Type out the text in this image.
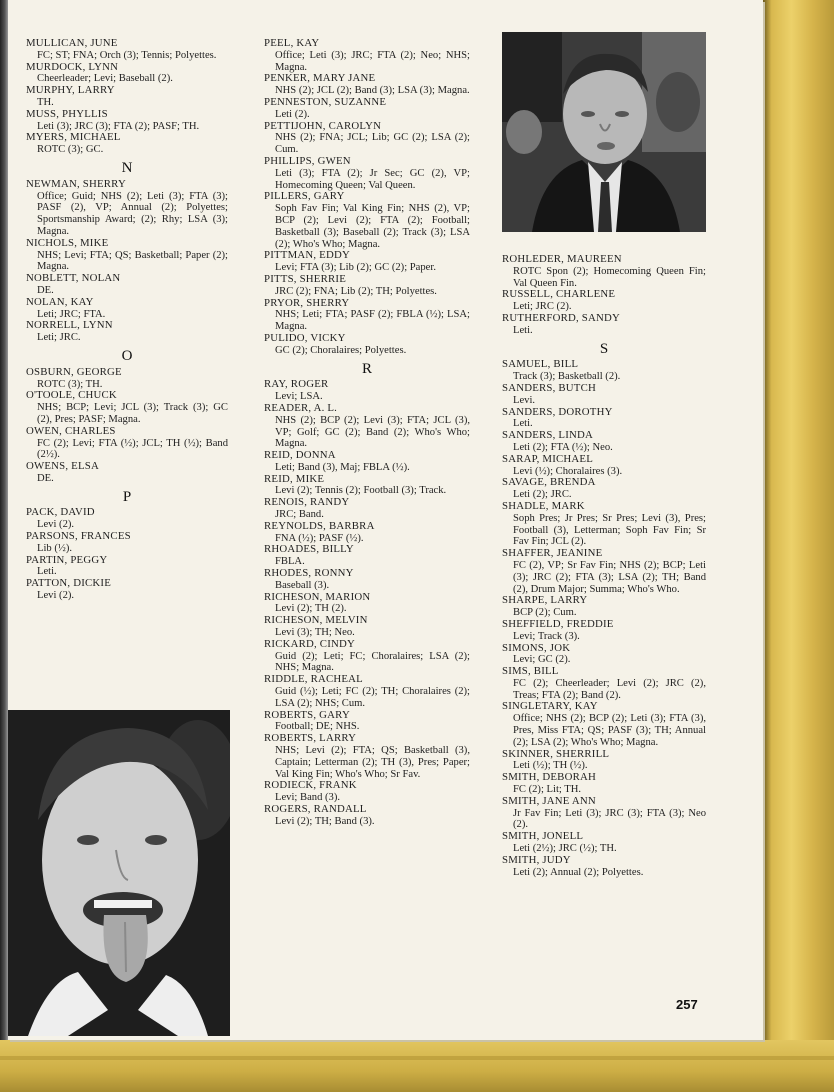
MULLICAN, JUNE
FC; ST; FNA; Orch (3); Tennis; Polyettes.
MURDOCK, LYNN
Cheerleader; Levi; Baseball (2).
MURPHY, LARRY
TH.
MUSS, PHYLLIS
Leti (3); JRC (3); FTA (2); PASF; TH.
MYERS, MICHAEL
ROTC (3); GC.
N
NEWMAN, SHERRY
Office; Guid; NHS (2); Leti (3); FTA (3); PASF (2), VP; Annual (2); Polyettes; Sportsmanship Award; (2); Rhy; LSA (3); Magna.
NICHOLS, MIKE
NHS; Levi; FTA; QS; Basketball; Paper (2); Magna.
NOBLETT, NOLAN
DE.
NOLAN, KAY
Leti; JRC; FTA.
NORRELL, LYNN
Leti; JRC.
O
OSBURN, GEORGE
ROTC (3); TH.
O'TOOLE, CHUCK
NHS; BCP; Levi; JCL (3); Track (3); GC (2), Pres; PASF; Magna.
OWEN, CHARLES
FC (2); Levi; FTA (½); JCL; TH (½); Band (2½).
OWENS, ELSA
DE.
P
PACK, DAVID
Levi (2).
PARSONS, FRANCES
Lib (½).
PARTIN, PEGGY
Leti.
PATTON, DICKIE
Levi (2).
PEEL, KAY
Office; Leti (3); JRC; FTA (2); Neo; NHS; Magna.
PENKER, MARY JANE
NHS (2); JCL (2); Band (3); LSA (3); Magna.
PENNESTON, SUZANNE
Leti (2).
PETTIJOHN, CAROLYN
NHS (2); FNA; JCL; Lib; GC (2); LSA (2); Cum.
PHILLIPS, GWEN
Leti (3); FTA (2); Jr Sec; GC (2), VP; Homecoming Queen; Val Queen.
PILLERS, GARY
Soph Fav Fin; Val King Fin; NHS (2), VP; BCP (2); Levi (2); FTA (2); Football; Basketball (3); Baseball (2); Track (3); LSA (2); Who's Who; Magna.
PITTMAN, EDDY
Levi; FTA (3); Lib (2); GC (2); Paper.
PITTS, SHERRIE
JRC (2); FNA; Lib (2); TH; Polyettes.
PRYOR, SHERRY
NHS; Leti; FTA; PASF (2); FBLA (½); LSA; Magna.
PULIDO, VICKY
GC (2); Choralaires; Polyettes.
R
RAY, ROGER
Levi; LSA.
READER, A. L.
NHS (2); BCP (2); Levi (3); FTA; JCL (3), VP; Golf; GC (2); Band (2); Who's Who; Magna.
REID, DONNA
Leti; Band (3), Maj; FBLA (½).
REID, MIKE
Levi (2); Tennis (2); Football (3); Track.
RENOIS, RANDY
JRC; Band.
REYNOLDS, BARBRA
FNA (½); PASF (½).
RHOADES, BILLY
FBLA.
RHODES, RONNY
Baseball (3).
RICHESON, MARION
Levi (2); TH (2).
RICHESON, MELVIN
Levi (3); TH; Neo.
RICKARD, CINDY
Guid (2); Leti; FC; Choralaires; LSA (2); NHS; Magna.
RIDDLE, RACHEAL
Guid (½); Leti; FC (2); TH; Choralaires (2); LSA (2); NHS; Cum.
ROBERTS, GARY
Football; DE; NHS.
ROBERTS, LARRY
NHS; Levi (2); FTA; QS; Basketball (3), Captain; Letterman (2); TH (3), Pres; Paper; Val King Fin; Who's Who; Sr Fav.
RODIECK, FRANK
Levi; Band (3).
ROGERS, RANDALL
Levi (2); TH; Band (3).
ROHLEDER, MAUREEN
ROTC Spon (2); Homecoming Queen Fin; Val Queen Fin.
RUSSELL, CHARLENE
Leti; JRC (2).
RUTHERFORD, SANDY
Leti.
S
SAMUEL, BILL
Track (3); Basketball (2).
SANDERS, BUTCH
Levi.
SANDERS, DOROTHY
Leti.
SANDERS, LINDA
Leti (2); FTA (½); Neo.
SARAP, MICHAEL
Levi (½); Choralaires (3).
SAVAGE, BRENDA
Leti (2); JRC.
SHADLE, MARK
Soph Pres; Jr Pres; Sr Pres; Levi (3), Pres; Football (3), Letterman; Soph Fav Fin; Sr Fav Fin; JCL (2).
SHAFFER, JEANINE
FC (2), VP; Sr Fav Fin; NHS (2); BCP; Leti (3); JRC (2); FTA (3); LSA (2); TH; Band (2), Drum Major; Summa; Who's Who.
SHARPE, LARRY
BCP (2); Cum.
SHEFFIELD, FREDDIE
Levi; Track (3).
SIMONS, JOK
Levi; GC (2).
SIMS, BILL
FC (2); Cheerleader; Levi (2); JRC (2), Treas; FTA (2); Band (2).
SINGLETARY, KAY
Office; NHS (2); BCP (2); Leti (3); FTA (3), Pres, Miss FTA; QS; PASF (3); TH; Annual (2); LSA (2); Who's Who; Magna.
SKINNER, SHERRILL
Leti (½); TH (½).
SMITH, DEBORAH
FC (2); Lit; TH.
SMITH, JANE ANN
Jr Fav Fin; Leti (3); JRC (3); FTA (3); Neo (2).
SMITH, JONELL
Leti (2½); JRC (½); TH.
SMITH, JUDY
Leti (2); Annual (2); Polyettes.
257
